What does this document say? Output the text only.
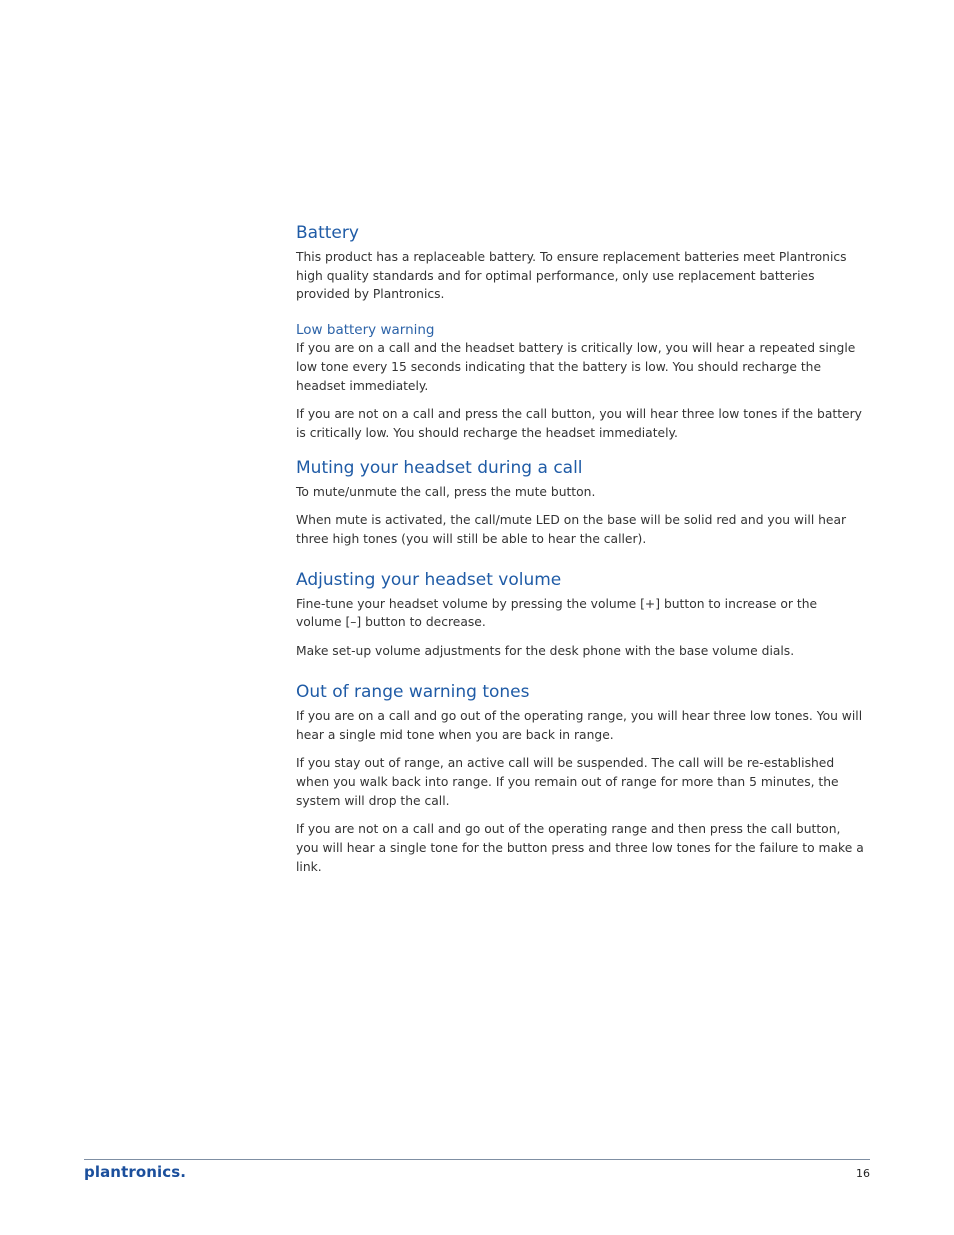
Battery

This product has a replaceable battery. To ensure replacement batteries meet Plantronics high quality standards and for optimal performance, only use replacement batteries provided by Plantronics.

Low battery warning

If you are on a call and the headset battery is critically low, you will hear a repeated single low tone every 15 seconds indicating that the battery is low. You should recharge the headset immediately.

If you are not on a call and press the call button, you will hear three low tones if the battery is critically low. You should recharge the headset immediately.

Muting your headset during a call

To mute/unmute the call, press the mute button.

When mute is activated, the call/mute LED on the base will be solid red and you will hear three high tones (you will still be able to hear the caller).

Adjusting your headset volume

Fine-tune your headset volume by pressing the volume [+] button to increase or the volume [–] button to decrease.

Make set-up volume adjustments for the desk phone with the base volume dials.

Out of range warning tones

If you are on a call and go out of the operating range, you will hear three low tones. You will hear a single mid tone when you are back in range.

If you stay out of range, an active call will be suspended. The call will be re-established when you walk back into range. If you remain out of range for more than 5 minutes, the system will drop the call.

If you are not on a call and go out of the operating range and then press the call button, you will hear a single tone for the button press and three low tones for the failure to make a link.

plantronics.	16
